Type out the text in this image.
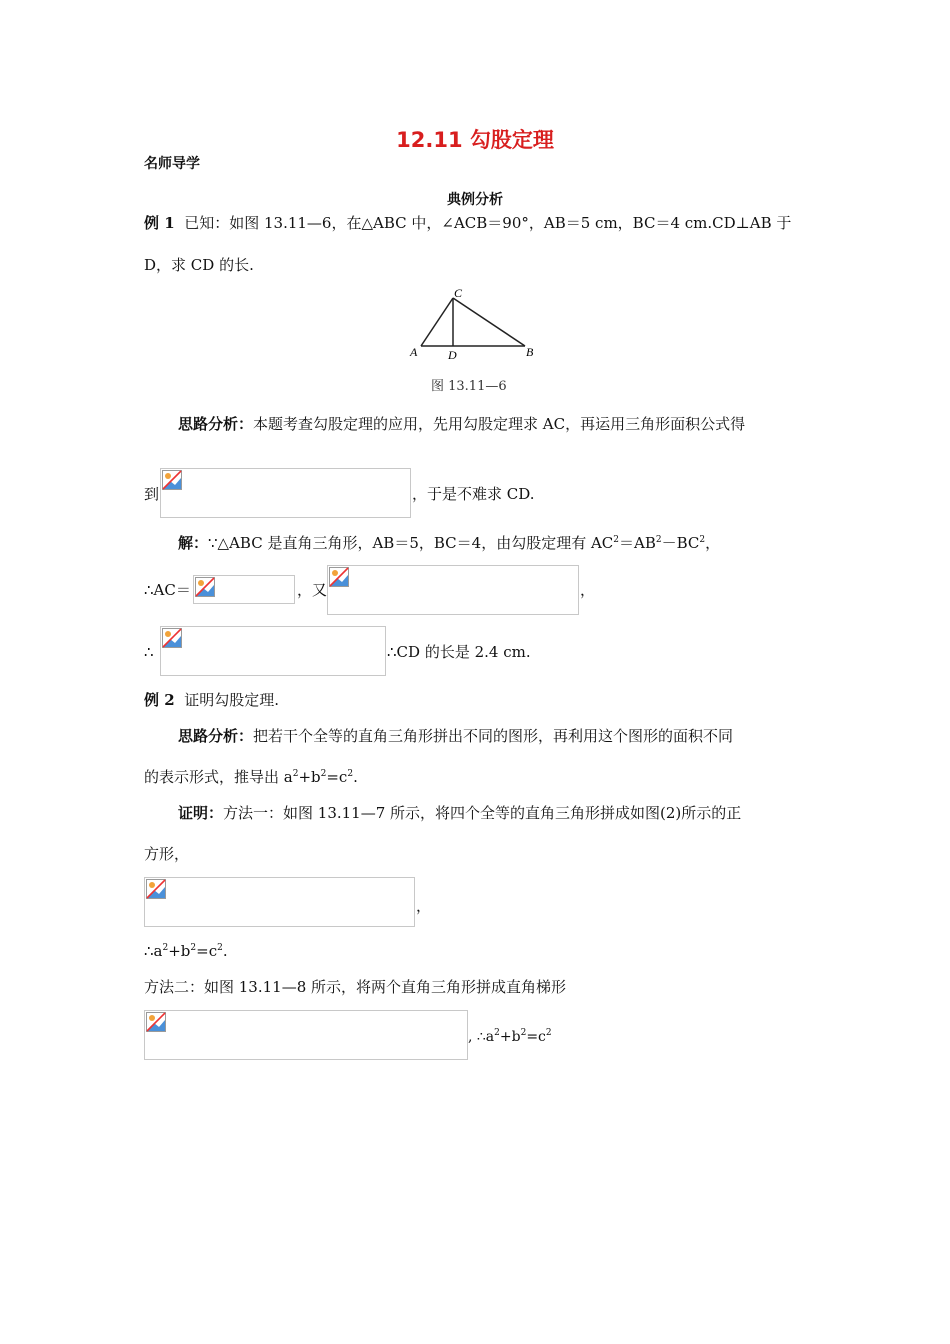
12.11 勾股定理
名师导学
典例分析
例 1 已知：如图 13.11—6，在△ABC 中，∠ACB＝90°，AB＝5 cm，BC＝4 cm.CD⊥AB 于
D，求 CD 的长.
A	D	B
C
图 13.11—6
思路分析：本题考查勾股定理的应用，先用勾股定理求 AC，再运用三角形面积公式得
到	，于是不难求 CD.
解：∵△ABC 是直角三角形，AB＝5，BC＝4，由勾股定理有 $AC^2=AB^2-BC^2$，
∴AC＝	，又	，
∴	∴CD 的长是 2.4 cm.
例 2 证明勾股定理.
思路分析：把若干个全等的直角三角形拼出不同的图形，再利用这个图形的面积不同
的表示形式，推导出 $a^2+b^2=c^2$.
证明：方法一：如图 13.11—7 所示，将四个全等的直角三角形拼成如图(2)所示的正
方形，
，
$\therefore a^2+b^2=c^2$.
方法二：如图 13.11—8 所示，将两个直角三角形拼成直角梯形
, $\therefore a^2+b^2=c^2$
